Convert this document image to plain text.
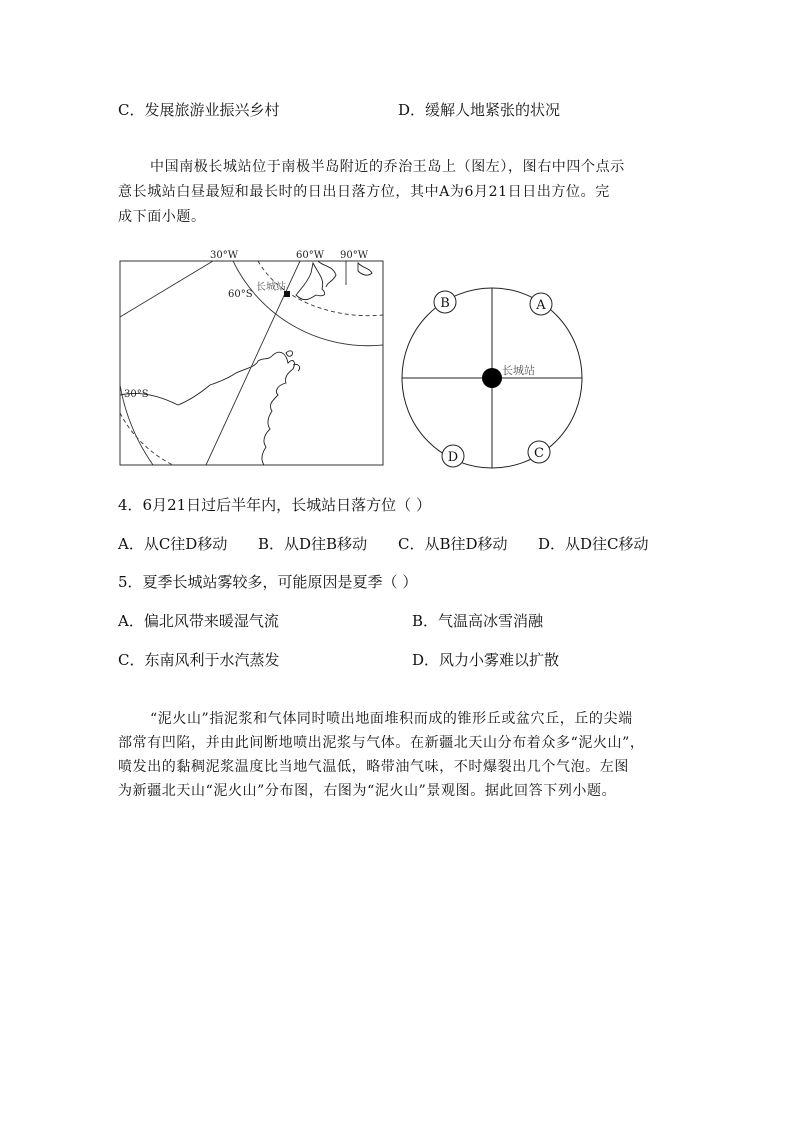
C．发展旅游业振兴乡村	D．缓解人地紧张的状况
中国南极长城站位于南极半岛附近的乔治王岛上（图左），图右中四个点示
意长城站白昼最短和最长时的日出日落方位，其中A为6月21日日出方位。完
成下面小题。
30°W	60°W 90°W
60°S
30°S
长城站
长城站
A
B
C
D
4．6月21日过后半年内，长城站日落方位（ ）
A．从C往D移动 B．从D往B移动 C．从B往D移动 D．从D往C移动
5．夏季长城站雾较多，可能原因是夏季（ ）
A．偏北风带来暖湿气流	B．气温高冰雪消融
C．东南风利于水汽蒸发	D．风力小雾难以扩散
“泥火山”指泥浆和气体同时喷出地面堆积而成的锥形丘或盆穴丘，丘的尖端
部常有凹陷，并由此间断地喷出泥浆与气体。在新疆北天山分布着众多“泥火山”，
喷发出的黏稠泥浆温度比当地气温低，略带油气味，不时爆裂出几个气泡。左图
为新疆北天山“泥火山”分布图，右图为“泥火山”景观图。据此回答下列小题。
